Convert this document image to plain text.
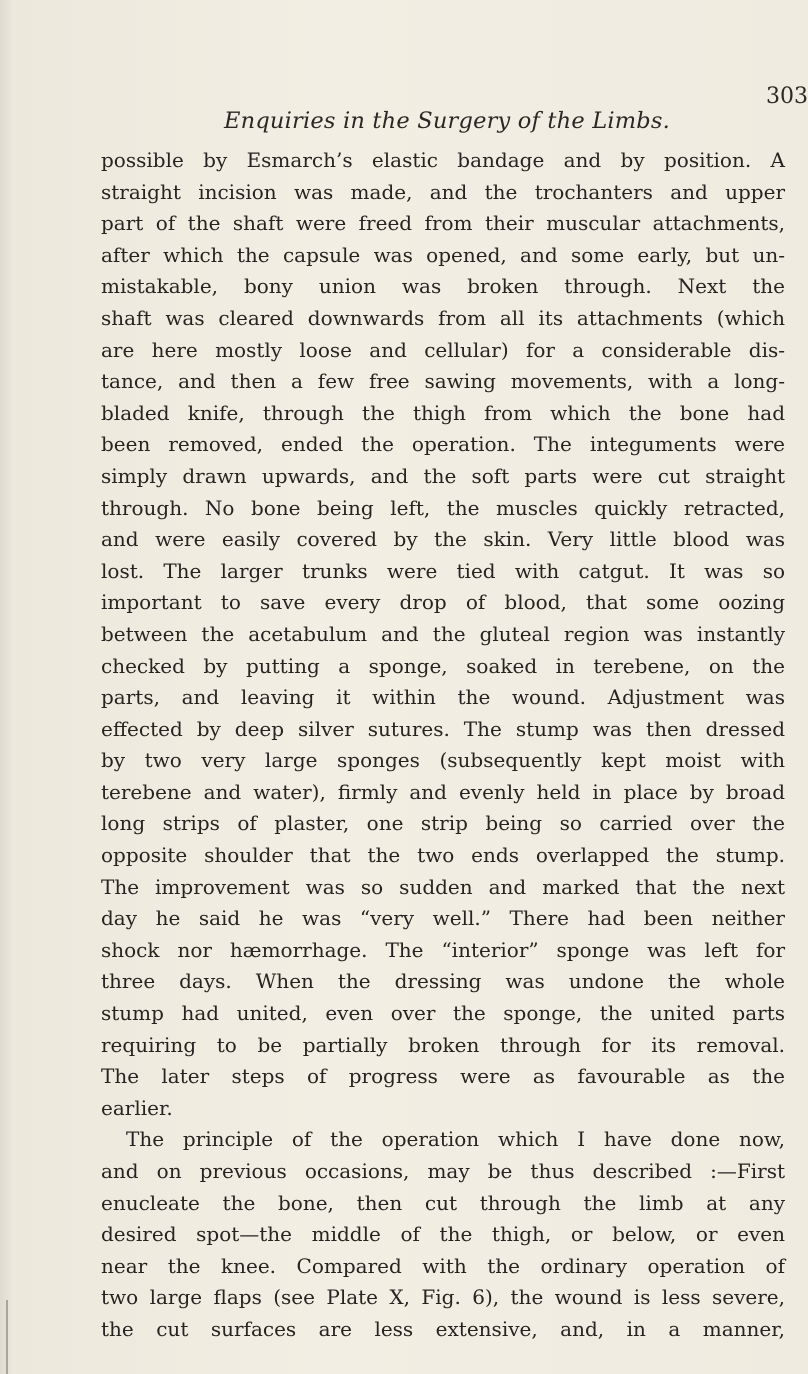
Enquiries in the Surgery of the Limbs.
303
possible by Esmarch’s elastic bandage and by position. A
straight incision was made, and the trochanters and upper
part of the shaft were freed from their muscular attachments,
after which the capsule was opened, and some early, but un-
mistakable, bony union was broken through. Next the
shaft was cleared downwards from all its attachments (which
are here mostly loose and cellular) for a considerable dis-
tance, and then a few free sawing movements, with a long-
bladed knife, through the thigh from which the bone had
been removed, ended the operation. The integuments were
simply drawn upwards, and the soft parts were cut straight
through. No bone being left, the muscles quickly retracted,
and were easily covered by the skin. Very little blood was
lost. The larger trunks were tied with catgut. It was so
important to save every drop of blood, that some oozing
between the acetabulum and the gluteal region was instantly
checked by putting a sponge, soaked in terebene, on the
parts, and leaving it within the wound. Adjustment was
effected by deep silver sutures. The stump was then dressed
by two very large sponges (subsequently kept moist with
terebene and water), firmly and evenly held in place by broad
long strips of plaster, one strip being so carried over the
opposite shoulder that the two ends overlapped the stump.
The improvement was so sudden and marked that the next
day he said he was “very well.” There had been neither
shock nor hæmorrhage. The “interior” sponge was left for
three days. When the dressing was undone the whole
stump had united, even over the sponge, the united parts
requiring to be partially broken through for its removal.
The later steps of progress were as favourable as the
earlier.
The principle of the operation which I have done now,
and on previous occasions, may be thus described :—First
enucleate the bone, then cut through the limb at any
desired spot—the middle of the thigh, or below, or even
near the knee. Compared with the ordinary operation of
two large flaps (see Plate X, Fig. 6), the wound is less severe,
the cut surfaces are less extensive, and, in a manner,
